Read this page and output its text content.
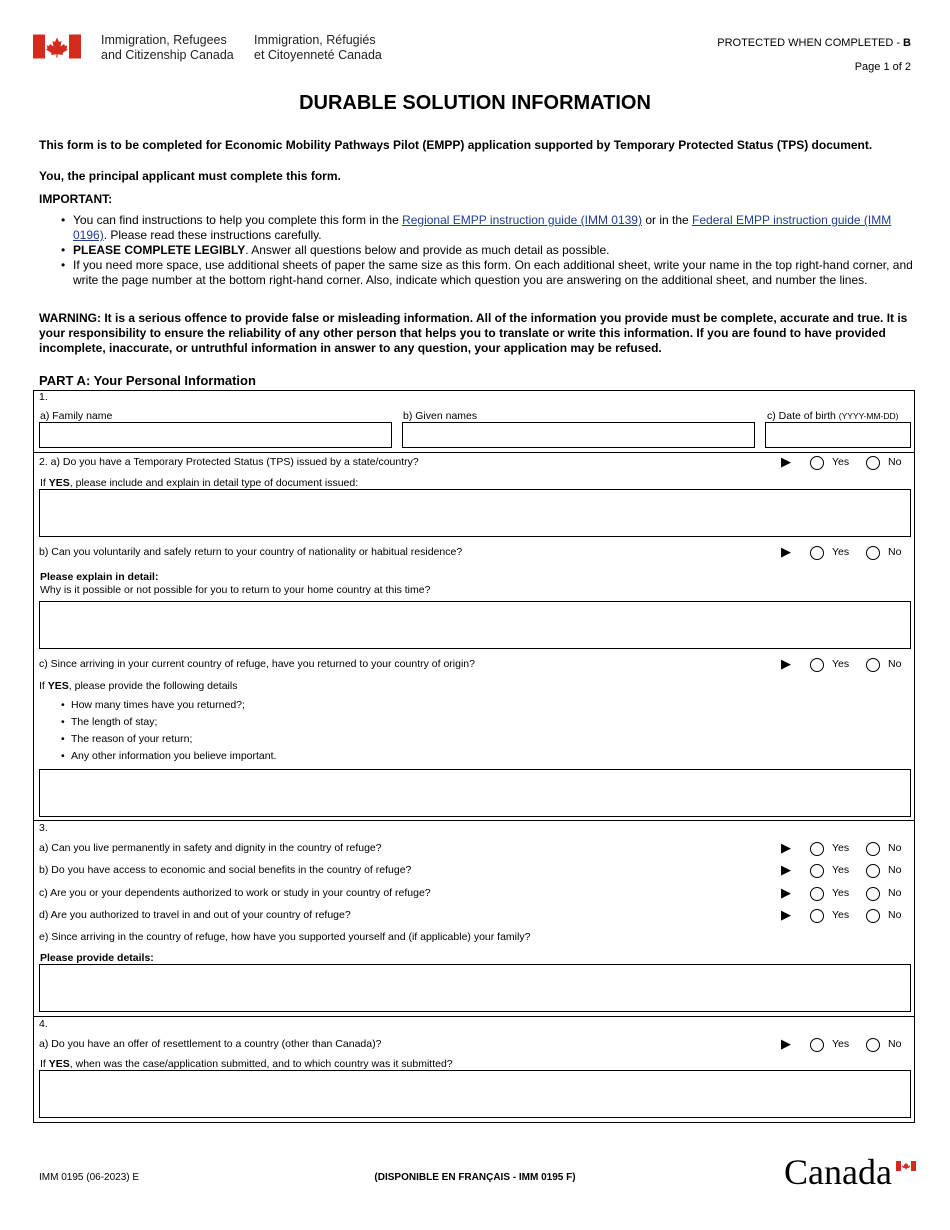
Immigration, Refugees
and Citizenship Canada
Immigration, Réfugiés
et Citoyenneté Canada
PROTECTED WHEN COMPLETED - B
Page 1 of 2
DURABLE SOLUTION INFORMATION
This form is to be completed for Economic Mobility Pathways Pilot (EMPP) application supported by Temporary Protected Status (TPS) document.
You, the principal applicant must complete this form.
IMPORTANT:
• You can find instructions to help you complete this form in the Regional EMPP instruction guide (IMM 0139) or in the Federal EMPP instruction guide (IMM 0196). Please read these instructions carefully.
• PLEASE COMPLETE LEGIBLY. Answer all questions below and provide as much detail as possible.
• If you need more space, use additional sheets of paper the same size as this form. On each additional sheet, write your name in the top right-hand corner, and write the page number at the bottom right-hand corner. Also, indicate which question you are answering on the additional sheet, and number the lines.
WARNING: It is a serious offence to provide false or misleading information. All of the information you provide must be complete, accurate and true. It is your responsibility to ensure the reliability of any other person that helps you to translate or write this information. If you are found to have provided incomplete, inaccurate, or untruthful information in answer to any question, your application may be refused.
PART A: Your Personal Information
1.
a) Family name	b) Given names	c) Date of birth (YYYY-MM-DD)
2. a) Do you have a Temporary Protected Status (TPS) issued by a state/country?	▶	Yes	No
If YES, please include and explain in detail type of document issued:
b) Can you voluntarily and safely return to your country of nationality or habitual residence?	▶	Yes	No
Please explain in detail:
Why is it possible or not possible for you to return to your home country at this time?
c) Since arriving in your current country of refuge, have you returned to your country of origin?	▶	Yes	No
If YES, please provide the following details
• How many times have you returned?;
• The length of stay;
• The reason of your return;
• Any other information you believe important.
3.
a) Can you live permanently in safety and dignity in the country of refuge?	▶	Yes	No
b) Do you have access to economic and social benefits in the country of refuge?	▶	Yes	No
c) Are you or your dependents authorized to work or study in your country of refuge?	▶	Yes	No
d) Are you authorized to travel in and out of your country of refuge?	▶	Yes	No
e) Since arriving in the country of refuge, how have you supported yourself and (if applicable) your family?
Please provide details:
4.
a) Do you have an offer of resettlement to a country (other than Canada)?	▶	Yes	No
If YES, when was the case/application submitted, and to which country was it submitted?
IMM 0195 (06-2023) E	(DISPONIBLE EN FRANÇAIS - IMM 0195 F)	Canada
